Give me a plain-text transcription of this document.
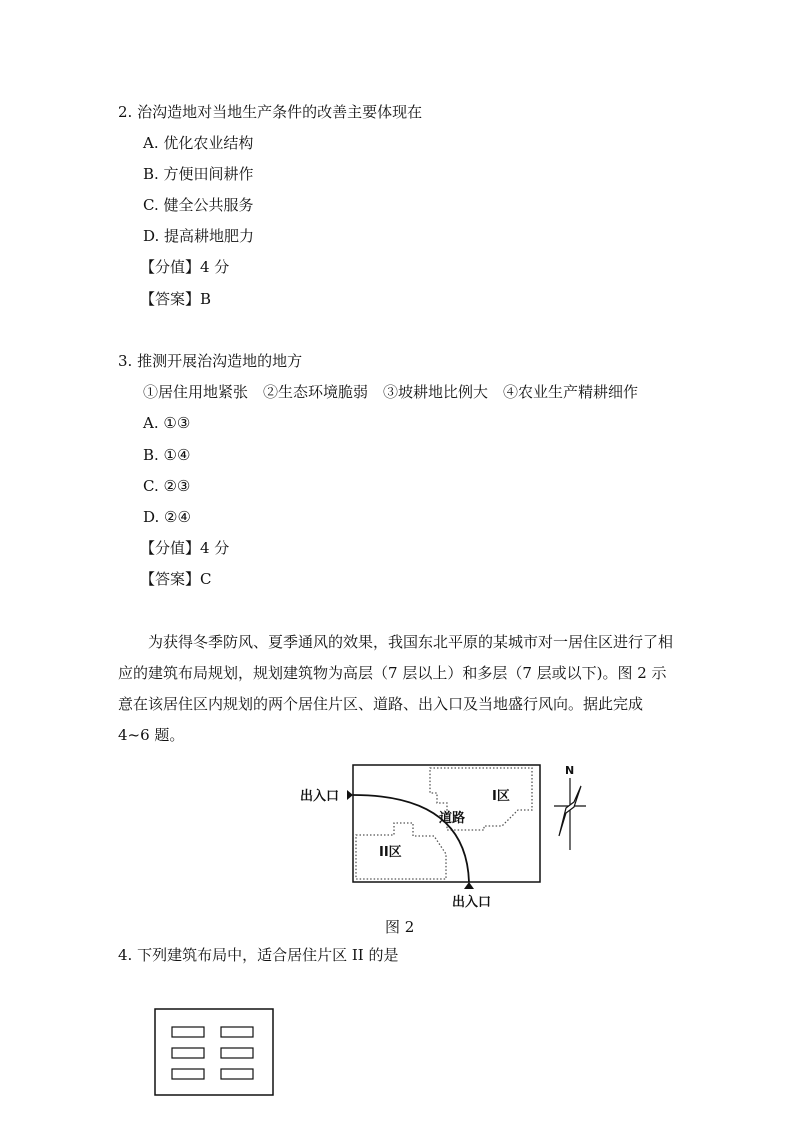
2. 治沟造地对当地生产条件的改善主要体现在
A. 优化农业结构
B. 方便田间耕作
C. 健全公共服务
D. 提高耕地肥力
【分值】4 分
【答案】B
3. 推测开展治沟造地的地方
①居住用地紧张　②生态环境脆弱　③坡耕地比例大　④农业生产精耕细作
A. ①③
B. ①④
C. ②③
D. ②④
【分值】4 分
【答案】C
为获得冬季防风、夏季通风的效果，我国东北平原的某城市对一居住区进行了相应的建筑布局规划，规划建筑物为高层（7 层以上）和多层（7 层或以下)。图 2 示意在该居住区内规划的两个居住片区、道路、出入口及当地盛行风向。据此完成 4~6 题。
出入口
出入口
道路
I区
II区
N
图 2
4. 下列建筑布局中，适合居住片区 II 的是
